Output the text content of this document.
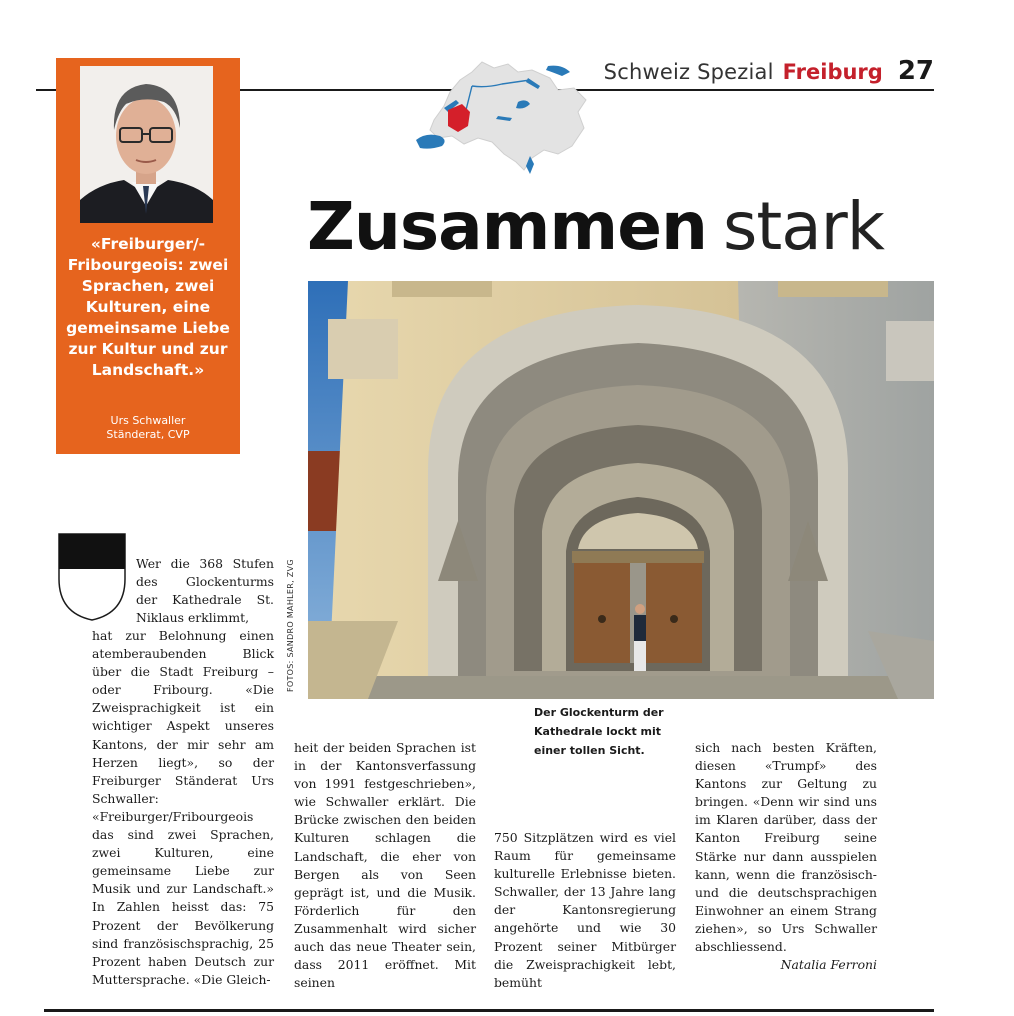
Schweiz Spezial Freiburg 27
Zusammen stark
«Freiburger/-Fribourgeois: zwei Sprachen, zwei Kulturen, eine gemeinsame Liebe zur Kultur und zur Landschaft.»
Urs Schwaller
Ständerat, CVP
FOTOS: SANDRO MAHLER, ZVG
Der Glockenturm der Kathedrale lockt mit einer tollen Sicht.
Wer die 368 Stufen des Glockenturms der Kathedrale St. Niklaus erklimmt,
hat zur Belohnung einen atemberaubenden Blick über die Stadt Freiburg – oder Fribourg. «Die Zweisprachigkeit ist ein wichtiger Aspekt unseres Kantons, der mir sehr am Herzen liegt», so der Freiburger Ständerat Urs Schwaller: «Freiburger/Fribourgeois das sind zwei Sprachen, zwei Kulturen, eine gemeinsame Liebe zur Musik und zur Landschaft.» In Zahlen heisst das: 75 Prozent der Bevölkerung sind französischsprachig, 25 Prozent haben Deutsch zur Muttersprache. «Die Gleich-
heit der beiden Sprachen ist in der Kantonsverfassung von 1991 festgeschrieben», wie Schwaller erklärt. Die Brücke zwischen den beiden Kulturen schlagen die Landschaft, die eher von Bergen als von Seen geprägt ist, und die Musik. Förderlich für den Zusammenhalt wird sicher auch das neue Theater sein, dass 2011 eröffnet. Mit seinen
750 Sitzplätzen wird es viel Raum für gemeinsame kulturelle Erlebnisse bieten. Schwaller, der 13 Jahre lang der Kantonsregierung angehörte und wie 30 Prozent seiner Mitbürger die Zweisprachigkeit lebt, bemüht
sich nach besten Kräften, diesen «Trumpf» des Kantons zur Geltung zu bringen. «Denn wir sind uns im Klaren darüber, dass der Kanton Freiburg seine Stärke nur dann ausspielen kann, wenn die französisch- und die deutschsprachigen Einwohner an einem Strang ziehen», so Urs Schwaller abschliessend.
Natalia Ferroni
